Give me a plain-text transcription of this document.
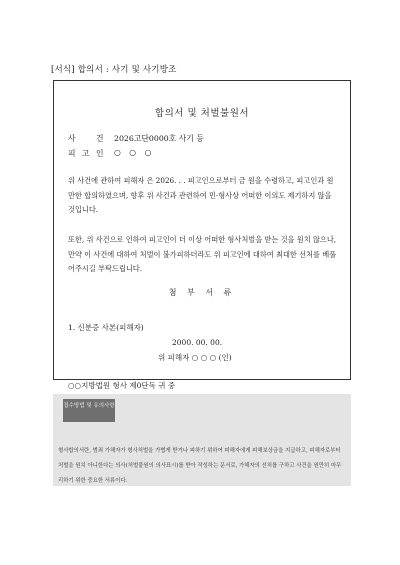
[서식] 합의서 : 사기 및 사기방조
합의서 및 처벌불원서
사 건 2026고단0000호 사기 등
피 고 인 ○ ○ ○
위 사건에 관하여 피해자 은 2026. . . 피고인으로부터 금 원을 수령하고, 피고인과 원만한 합의하였으며, 향후 위 사건과 관련하여 민·형사상 어떠한 이의도 제기하지 않을 것입니다.
또한, 위 사건으로 인하여 피고인이 더 이상 어떠한 형사처벌을 받는 것을 원치 않으나, 만약 이 사건에 대하여 처벌이 불가피하더라도 위 피고인에 대하여 최대한 선처를 베풀어주시길 부탁드립니다.
첨 부 서 류
1. 신분증 사본(피해자)
2000. 00. 00.
위 피해자 ○ ○ ○ (인)
○○지방법원 형사 제0단독 귀 중
접수방법 및 유의사항
형사합의서란, 범죄 가해자가 형사처벌을 가볍게 받거나 피하기 위하여 피해자에게 피해보상금을 지급하고, 피해자로부터 처벌을 원치 아니한다는 의사(처벌불원의 의사표시)를 받아 작성하는 문서로, 가해자의 선처를 구하고 사건을 원만히 마무리하기 위한 중요한 서류이다.
